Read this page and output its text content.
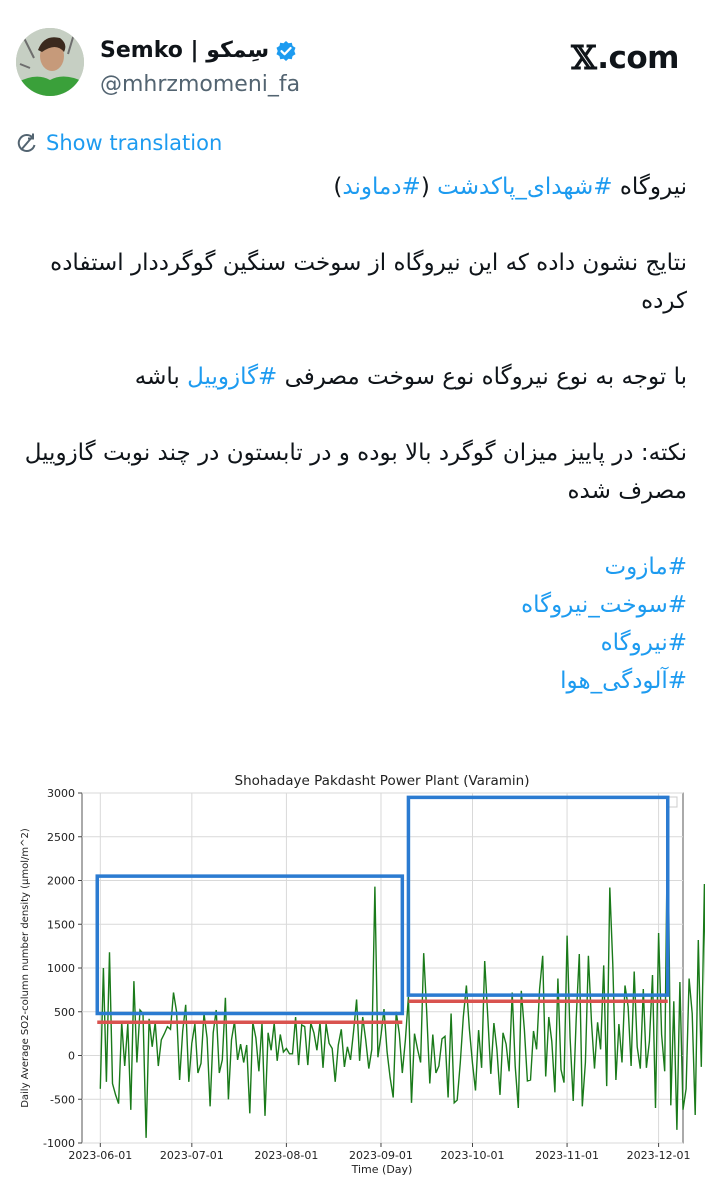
Semko | سِمکو
@mhrzmomeni_fa
𝕏 .com
Show translation

نیروگاه #شهدای_پاکدشت (#دماوند)

نتایج نشون داده که این نیروگاه از سوخت سنگین گوگرددار استفاده کرده

با توجه به نوع نیروگاه نوع سوخت مصرفی #گازوییل باشه

نکته: در پاییز میزان گوگرد بالا بوده و در تابستون در چند نوبت گازوییل مصرف شده

#مازوت

#سوخت_نیروگاه

#نیروگاه

#آلودگی_هوا

Shohadaye Pakdasht Power Plant (Varamin)
-1000
-500
0
500
1000
1500
2000
2500
3000
2023-06-01	2023-07-01	2023-08-01	2023-09-01	2023-10-01	2023-11-01	2023-12-01
Time (Day)
Daily Average SO2-column number density (µmol/m^2)
